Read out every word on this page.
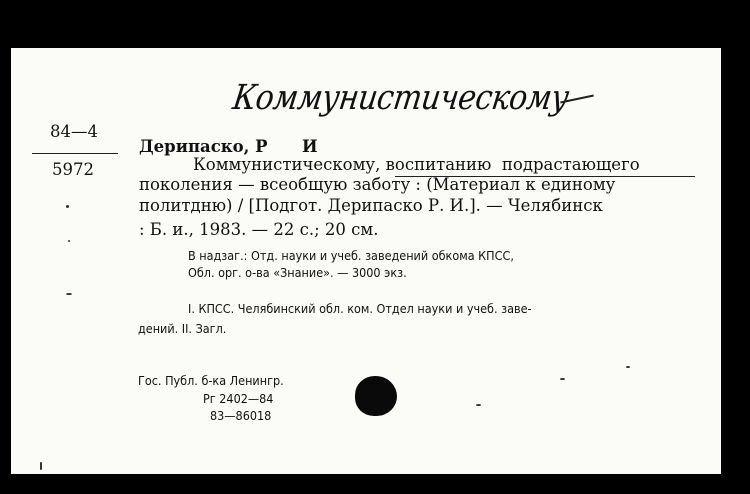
Коммунистическому
84—4
5972
Дерипаско, Р      И
Коммунистическому, воспитанию  подрастающего
поколения — всеобщую заботу : (Материал к единому
политдню) / [Подгот. Дерипаско Р. И.]. — Челябинск
: Б. и., 1983. — 22 с.; 20 см.
В надзаг.: Отд. науки и учеб. заведений обкома КПСС,
Обл. орг. о-ва «Знание». — 3000 экз.
I. КПСС. Челябинский обл. ком. Отдел науки и учеб. заве-
дений. II. Загл.
Гос. Публ. б-ка Ленингр.
Рг 2402—84
83—86018
